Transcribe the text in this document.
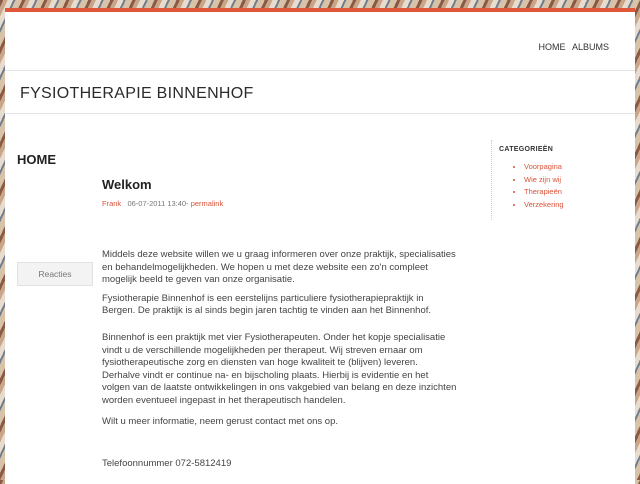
HOME ALBUMS
FYSIOTHERAPIE BINNENHOF
HOME
Welkom
Frank 06-07-2011 13:40- permalink
Reacties

Middels deze website willen we u graag informeren over onze praktijk, specialisaties en behandelmogelijkheden. We hopen u met deze website een zo'n compleet mogelijk beeld te geven van onze organisatie.

Fysiotherapie Binnenhof is een eerstelijns particuliere fysiotherapiepraktijk in Bergen. De praktijk is al sinds begin jaren tachtig te vinden aan het Binnenhof.

Binnenhof is een praktijk met vier Fysiotherapeuten. Onder het kopje specialisatie vindt u de verschillende mogelijkheden per therapeut. Wij streven ernaar om fysiotherapeutische zorg en diensten van hoge kwaliteit te (blijven) leveren. Derhalve vindt er continue na- en bijscholing plaats. Hierbij is evidentie en het volgen van de laatste ontwikkelingen in ons vakgebied van belang en deze inzichten worden eventueel ingepast in het therapeutisch handelen.

Wilt u meer informatie, neem gerust contact met ons op.

Telefoonnummer 072-5812419

CATEGORIEËN
• Voorpagina
• Wie zijn wij
• Therapieën
• Verzekering
